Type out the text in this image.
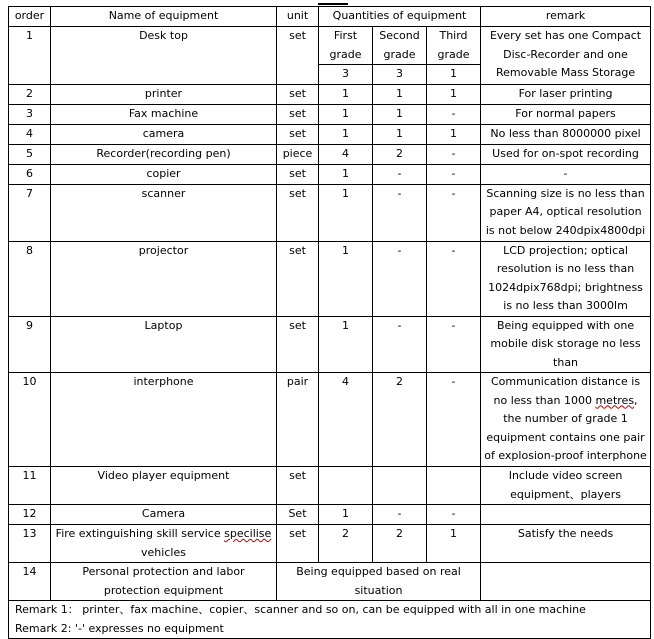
order	Name of equipment	unit	Quantities of equipment			remark
1	Desk top	set	First grade	Second grade	Third grade	Every set has one Compact Disc-Recorder and one Removable Mass Storage
			3	3	1	
2	printer	set	1	1	1	For laser printing
3	Fax machine	set	1	1	-	For normal papers
4	camera	set	1	1	1	No less than 8000000 pixel
5	Recorder(recording pen)	piece	4	2	-	Used for on-spot recording
6	copier	set	1	-	-	-
7	scanner	set	1	-	-	Scanning size is no less than paper A4, optical resolution is not below 240dpix4800dpi
8	projector	set	1	-	-	LCD projection; optical resolution is no less than 1024dpix768dpi; brightness is no less than 3000lm
9	Laptop	set	1	-	-	Being equipped with one mobile disk storage no less than
10	interphone	pair	4	2	-	Communication distance is no less than 1000 metres, the number of grade 1 equipment contains one pair of explosion-proof interphone
11	Video player equipment	set				Include video screen equipment、players
12	Camera	Set	1	-	-	
13	Fire extinguishing skill service specilise vehicles	set	2	2	1	Satisfy the needs
14	Personal protection and labor protection equipment	Being equipped based on real situation				

Remark 1： printer、fax machine、copier、scanner and so on, can be equipped with all in one machine
Remark 2: '-' expresses no equipment						
